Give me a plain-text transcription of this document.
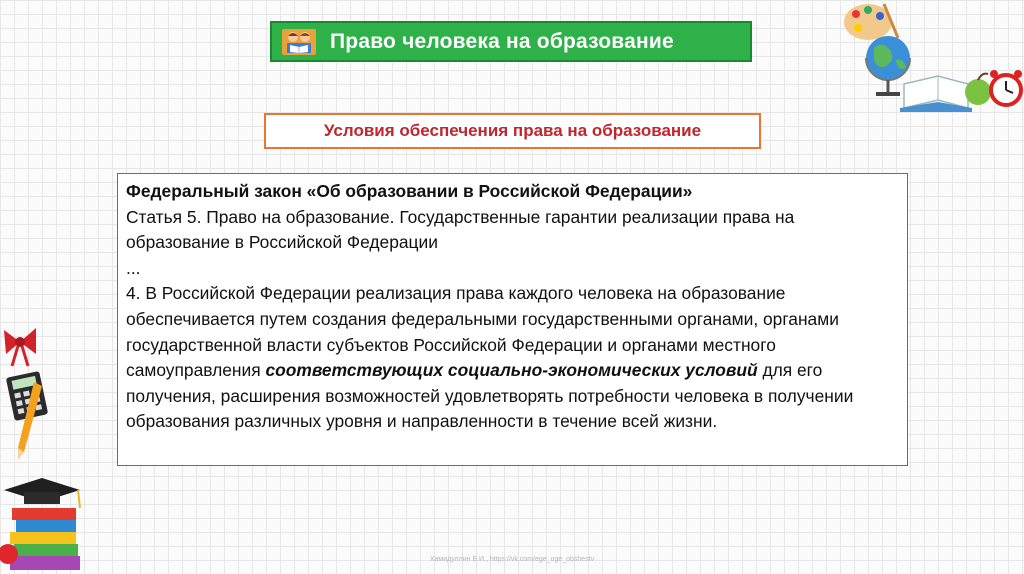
Право человека на образование
Условия обеспечения права на образование

Федеральный закон «Об образовании в Российской Федерации»

Статья 5. Право на образование. Государственные гарантии реализации права на образование в Российской Федерации

...

4. В Российской Федерации реализация права каждого человека на образование обеспечивается путем создания федеральными государственными органами, органами государственной власти субъектов Российской Федерации и органами местного самоуправления соответствующих социально-экономических условий для его получения, расширения возможностей удовлетворять потребности человека в получении образования различных уровня и направленности в течение всей жизни.

Хамидуллин Б.И., https://vk.com/ege_oge_obshestv
